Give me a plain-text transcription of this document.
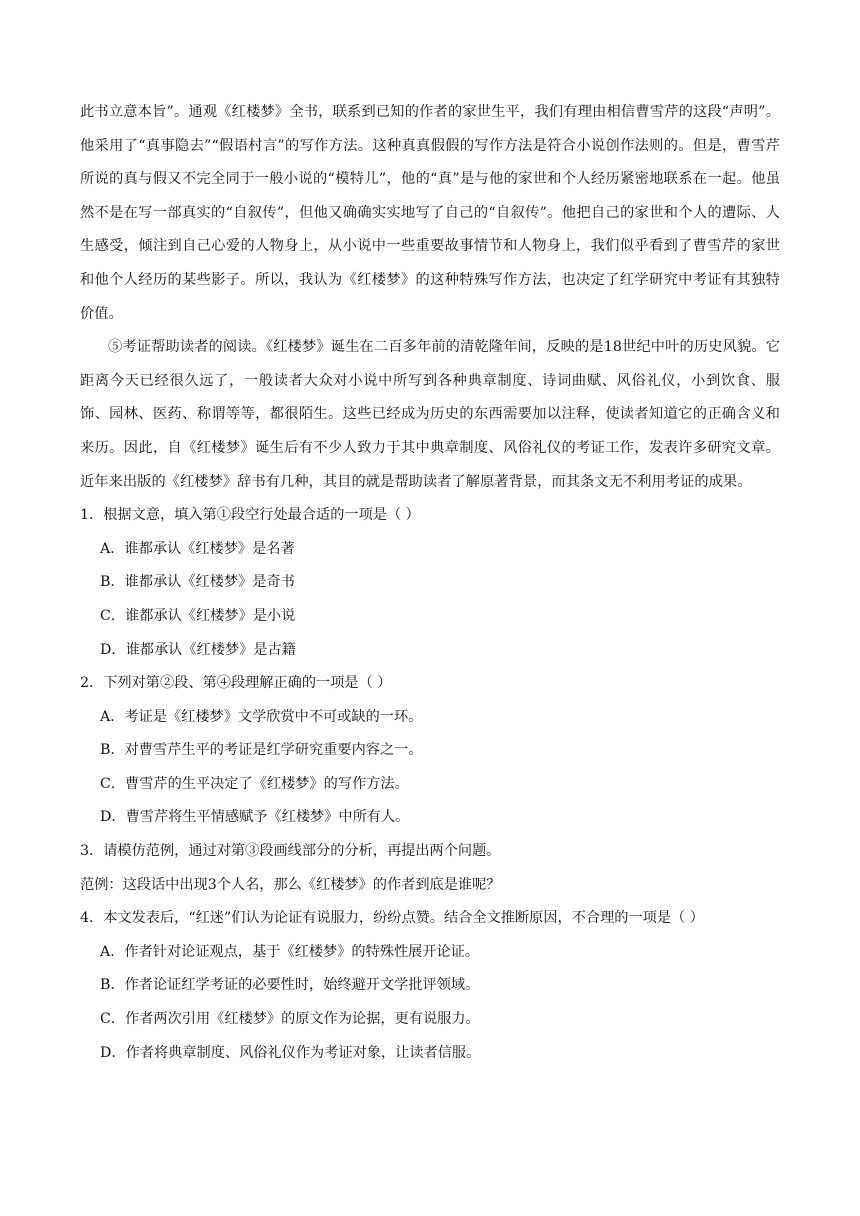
此书立意本旨”。通观《红楼梦》全书，联系到已知的作者的家世生平，我们有理由相信曹雪芹的这段“声明”。他采用了“真事隐去”“假语村言”的写作方法。这种真真假假的写作方法是符合小说创作法则的。但是，曹雪芹所说的真与假又不完全同于一般小说的“模特儿”，他的“真”是与他的家世和个人经历紧密地联系在一起。他虽然不是在写一部真实的“自叙传”，但他又确确实实地写了自己的“自叙传”。他把自己的家世和个人的遭际、人生感受，倾注到自己心爱的人物身上，从小说中一些重要故事情节和人物身上，我们似乎看到了曹雪芹的家世和他个人经历的某些影子。所以，我认为《红楼梦》的这种特殊写作方法，也决定了红学研究中考证有其独特价值。

⑤考证帮助读者的阅读。《红楼梦》诞生在二百多年前的清乾隆年间，反映的是18世纪中叶的历史风貌。它距离今天已经很久远了，一般读者大众对小说中所写到各种典章制度、诗词曲赋、风俗礼仪，小到饮食、服饰、园林、医药、称谓等等，都很陌生。这些已经成为历史的东西需要加以注释，使读者知道它的正确含义和来历。因此，自《红楼梦》诞生后有不少人致力于其中典章制度、风俗礼仪的考证工作，发表许多研究文章。近年来出版的《红楼梦》辞书有几种，其目的就是帮助读者了解原著背景，而其条文无不利用考证的成果。

1．根据文意，填入第①段空行处最合适的一项是（ ）

A．谁都承认《红楼梦》是名著

B．谁都承认《红楼梦》是奇书

C．谁都承认《红楼梦》是小说

D．谁都承认《红楼梦》是古籍

2．下列对第②段、第④段理解正确的一项是（ ）

A．考证是《红楼梦》文学欣赏中不可或缺的一环。

B．对曹雪芹生平的考证是红学研究重要内容之一。

C．曹雪芹的生平决定了《红楼梦》的写作方法。

D．曹雪芹将生平情感赋予《红楼梦》中所有人。

3．请模仿范例，通过对第③段画线部分的分析，再提出两个问题。

范例：这段话中出现3个人名，那么《红楼梦》的作者到底是谁呢？

4．本文发表后，“红迷”们认为论证有说服力，纷纷点赞。结合全文推断原因，不合理的一项是（ ）

A．作者针对论证观点，基于《红楼梦》的特殊性展开论证。

B．作者论证红学考证的必要性时，始终避开文学批评领域。

C．作者两次引用《红楼梦》的原文作为论据，更有说服力。

D．作者将典章制度、风俗礼仪作为考证对象，让读者信服。
